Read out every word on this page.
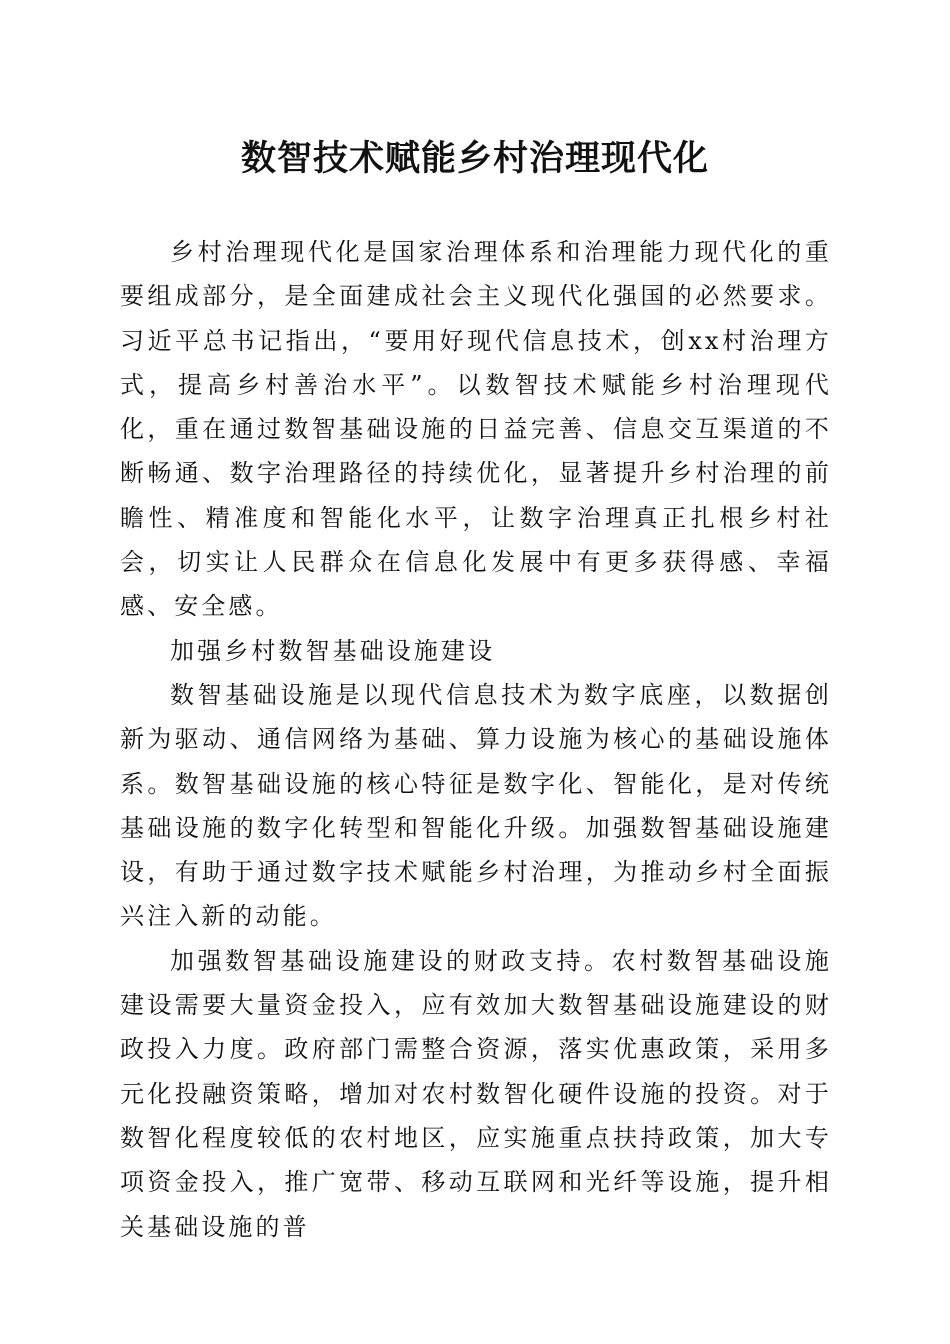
数智技术赋能乡村治理现代化

乡村治理现代化是国家治理体系和治理能力现代化的重要组成部分，是全面建成社会主义现代化强国的必然要求。习近平总书记指出，“要用好现代信息技术，创xx村治理方式，提高乡村善治水平”。以数智技术赋能乡村治理现代化，重在通过数智基础设施的日益完善、信息交互渠道的不断畅通、数字治理路径的持续优化，显著提升乡村治理的前瞻性、精准度和智能化水平，让数字治理真正扎根乡村社会，切实让人民群众在信息化发展中有更多获得感、幸福感、安全感。

加强乡村数智基础设施建设

数智基础设施是以现代信息技术为数字底座，以数据创新为驱动、通信网络为基础、算力设施为核心的基础设施体系。数智基础设施的核心特征是数字化、智能化，是对传统基础设施的数字化转型和智能化升级。加强数智基础设施建设，有助于通过数字技术赋能乡村治理，为推动乡村全面振兴注入新的动能。

加强数智基础设施建设的财政支持。农村数智基础设施建设需要大量资金投入，应有效加大数智基础设施建设的财政投入力度。政府部门需整合资源，落实优惠政策，采用多元化投融资策略，增加对农村数智化硬件设施的投资。对于数智化程度较低的农村地区，应实施重点扶持政策，加大专项资金投入，推广宽带、移动互联网和光纤等设施，提升相关基础设施的普
